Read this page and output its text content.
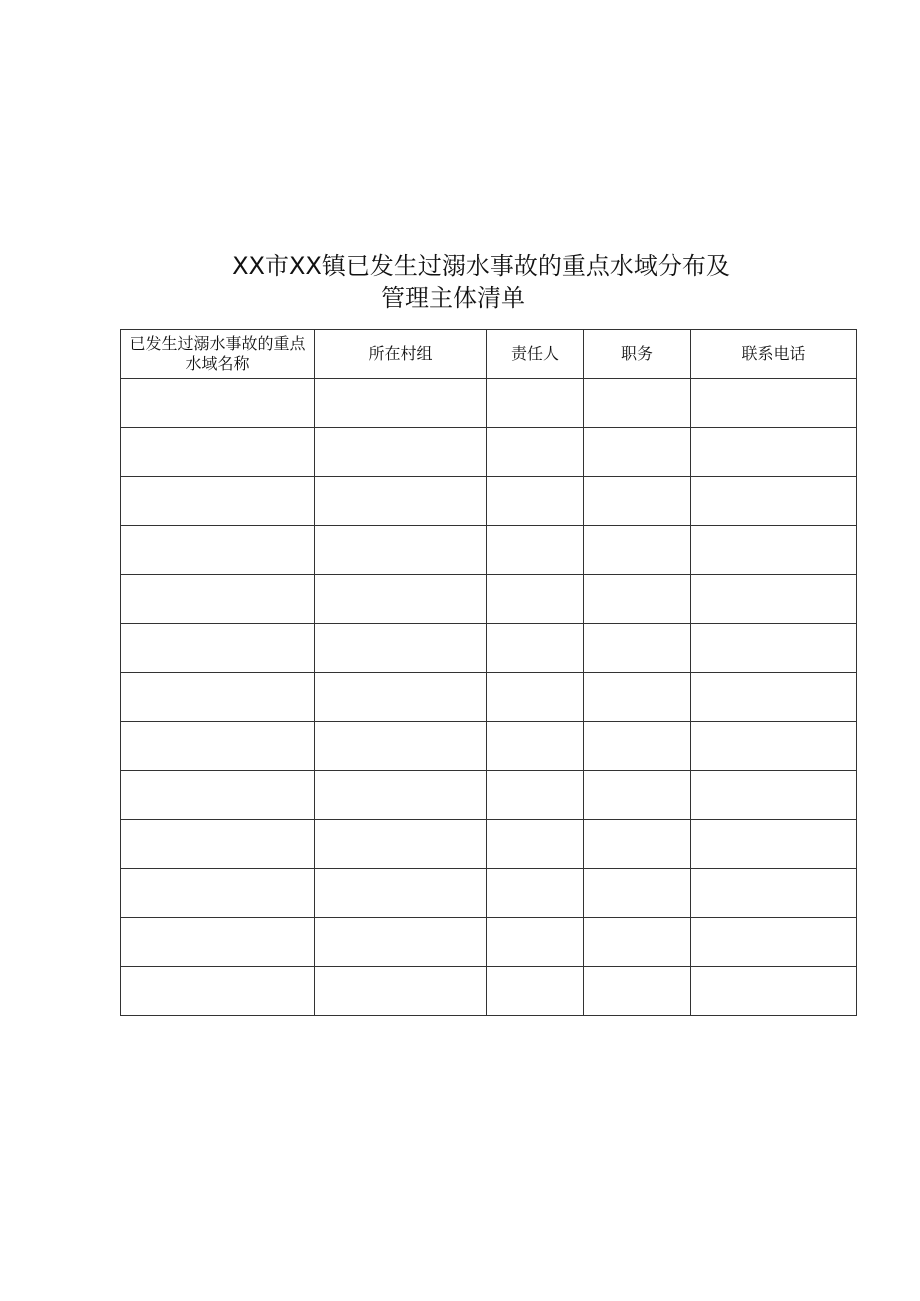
XX市XX镇已发生过溺水事故的重点水域分布及
管理主体清单
已发生过溺水事故的重点水域名称	所在村组	责任人	职务	联系电话
